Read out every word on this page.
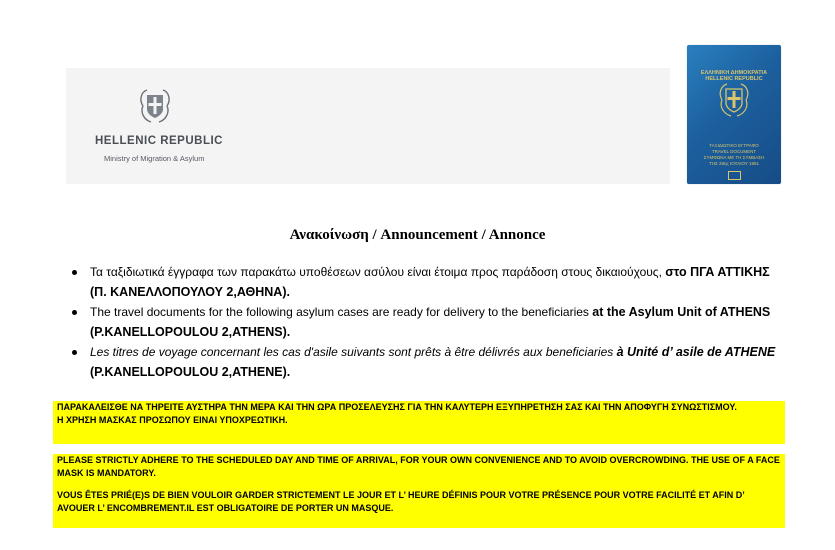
HELLENIC REPUBLIC
Ministry of Migration & Asylum
ΕΛΛΗΝΙΚΗ ΔΗΜΟΚΡΑΤΙΑ
HELLENIC REPUBLIC
ΤΑΞΙΔΙΩΤΙΚΟ ΕΓΓΡΑΦΟ
TRAVEL DOCUMENT
ΣΥΜΦΩΝΑ ΜΕ ΤΗ ΣΥΜΒΑΣΗ
ΤΗΣ 28ης ΙΟΥΛΙΟΥ 1951
Ανακοίνωση / Announcement / Annonce
Τα ταξιδιωτικά έγγραφα των παρακάτω υποθέσεων ασύλου είναι έτοιμα προς παράδοση στους δικαιούχους, στο ΠΓΑ ΑΤΤΙΚΗΣ (Π. ΚΑΝΕΛΛΟΠΟΥΛΟΥ 2,ΑΘΗΝΑ).
The travel documents for the following asylum cases are ready for delivery to the beneficiaries at the Asylum Unit of ATHENS (P.KANELLOPOULOU 2,ATHENS).
Les titres de voyage concernant les cas d'asile suivants sont prêts à être délivrés aux beneficiaries à Unité d’ asile de ATHENE (P.KANELLOPOULOU 2,ATHENE).
ΠΑΡΑΚΑΛΕΙΣΘΕ ΝΑ ΤΗΡΕΙΤΕ ΑΥΣΤΗΡΑ ΤΗΝ ΜΕΡΑ ΚΑΙ ΤΗΝ ΩΡΑ ΠΡΟΣΕΛΕΥΣΗΣ ΓΙΑ ΤΗΝ ΚΑΛΥΤΕΡΗ ΕΞΥΠΗΡΕΤΗΣΗ ΣΑΣ ΚΑΙ ΤΗΝ ΑΠΟΦΥΓΗ ΣΥΝΩΣΤΙΣΜΟΥ.
Η ΧΡΗΣΗ ΜΑΣΚΑΣ ΠΡΟΣΩΠΟΥ ΕΙΝΑΙ ΥΠΟΧΡΕΩΤΙΚΗ.

PLEASE STRICTLY ADHERE TO THE SCHEDULED DAY AND TIME OF ARRIVAL, FOR YOUR OWN CONVENIENCE AND TO AVOID OVERCROWDING. THE USE OF A FACE MASK IS MANDATORY.

VOUS ÊTES PRIÉ(E)S DE BIEN VOULOIR GARDER STRICTEMENT LE JOUR ET L’ HEURE DÉFINIS POUR VOTRE PRÉSENCE POUR VOTRE FACILITÉ ET AFIN D’ AVOUER L’ ENCOMBREMENT.IL EST OBLIGATOIRE DE PORTER UN MASQUE.
